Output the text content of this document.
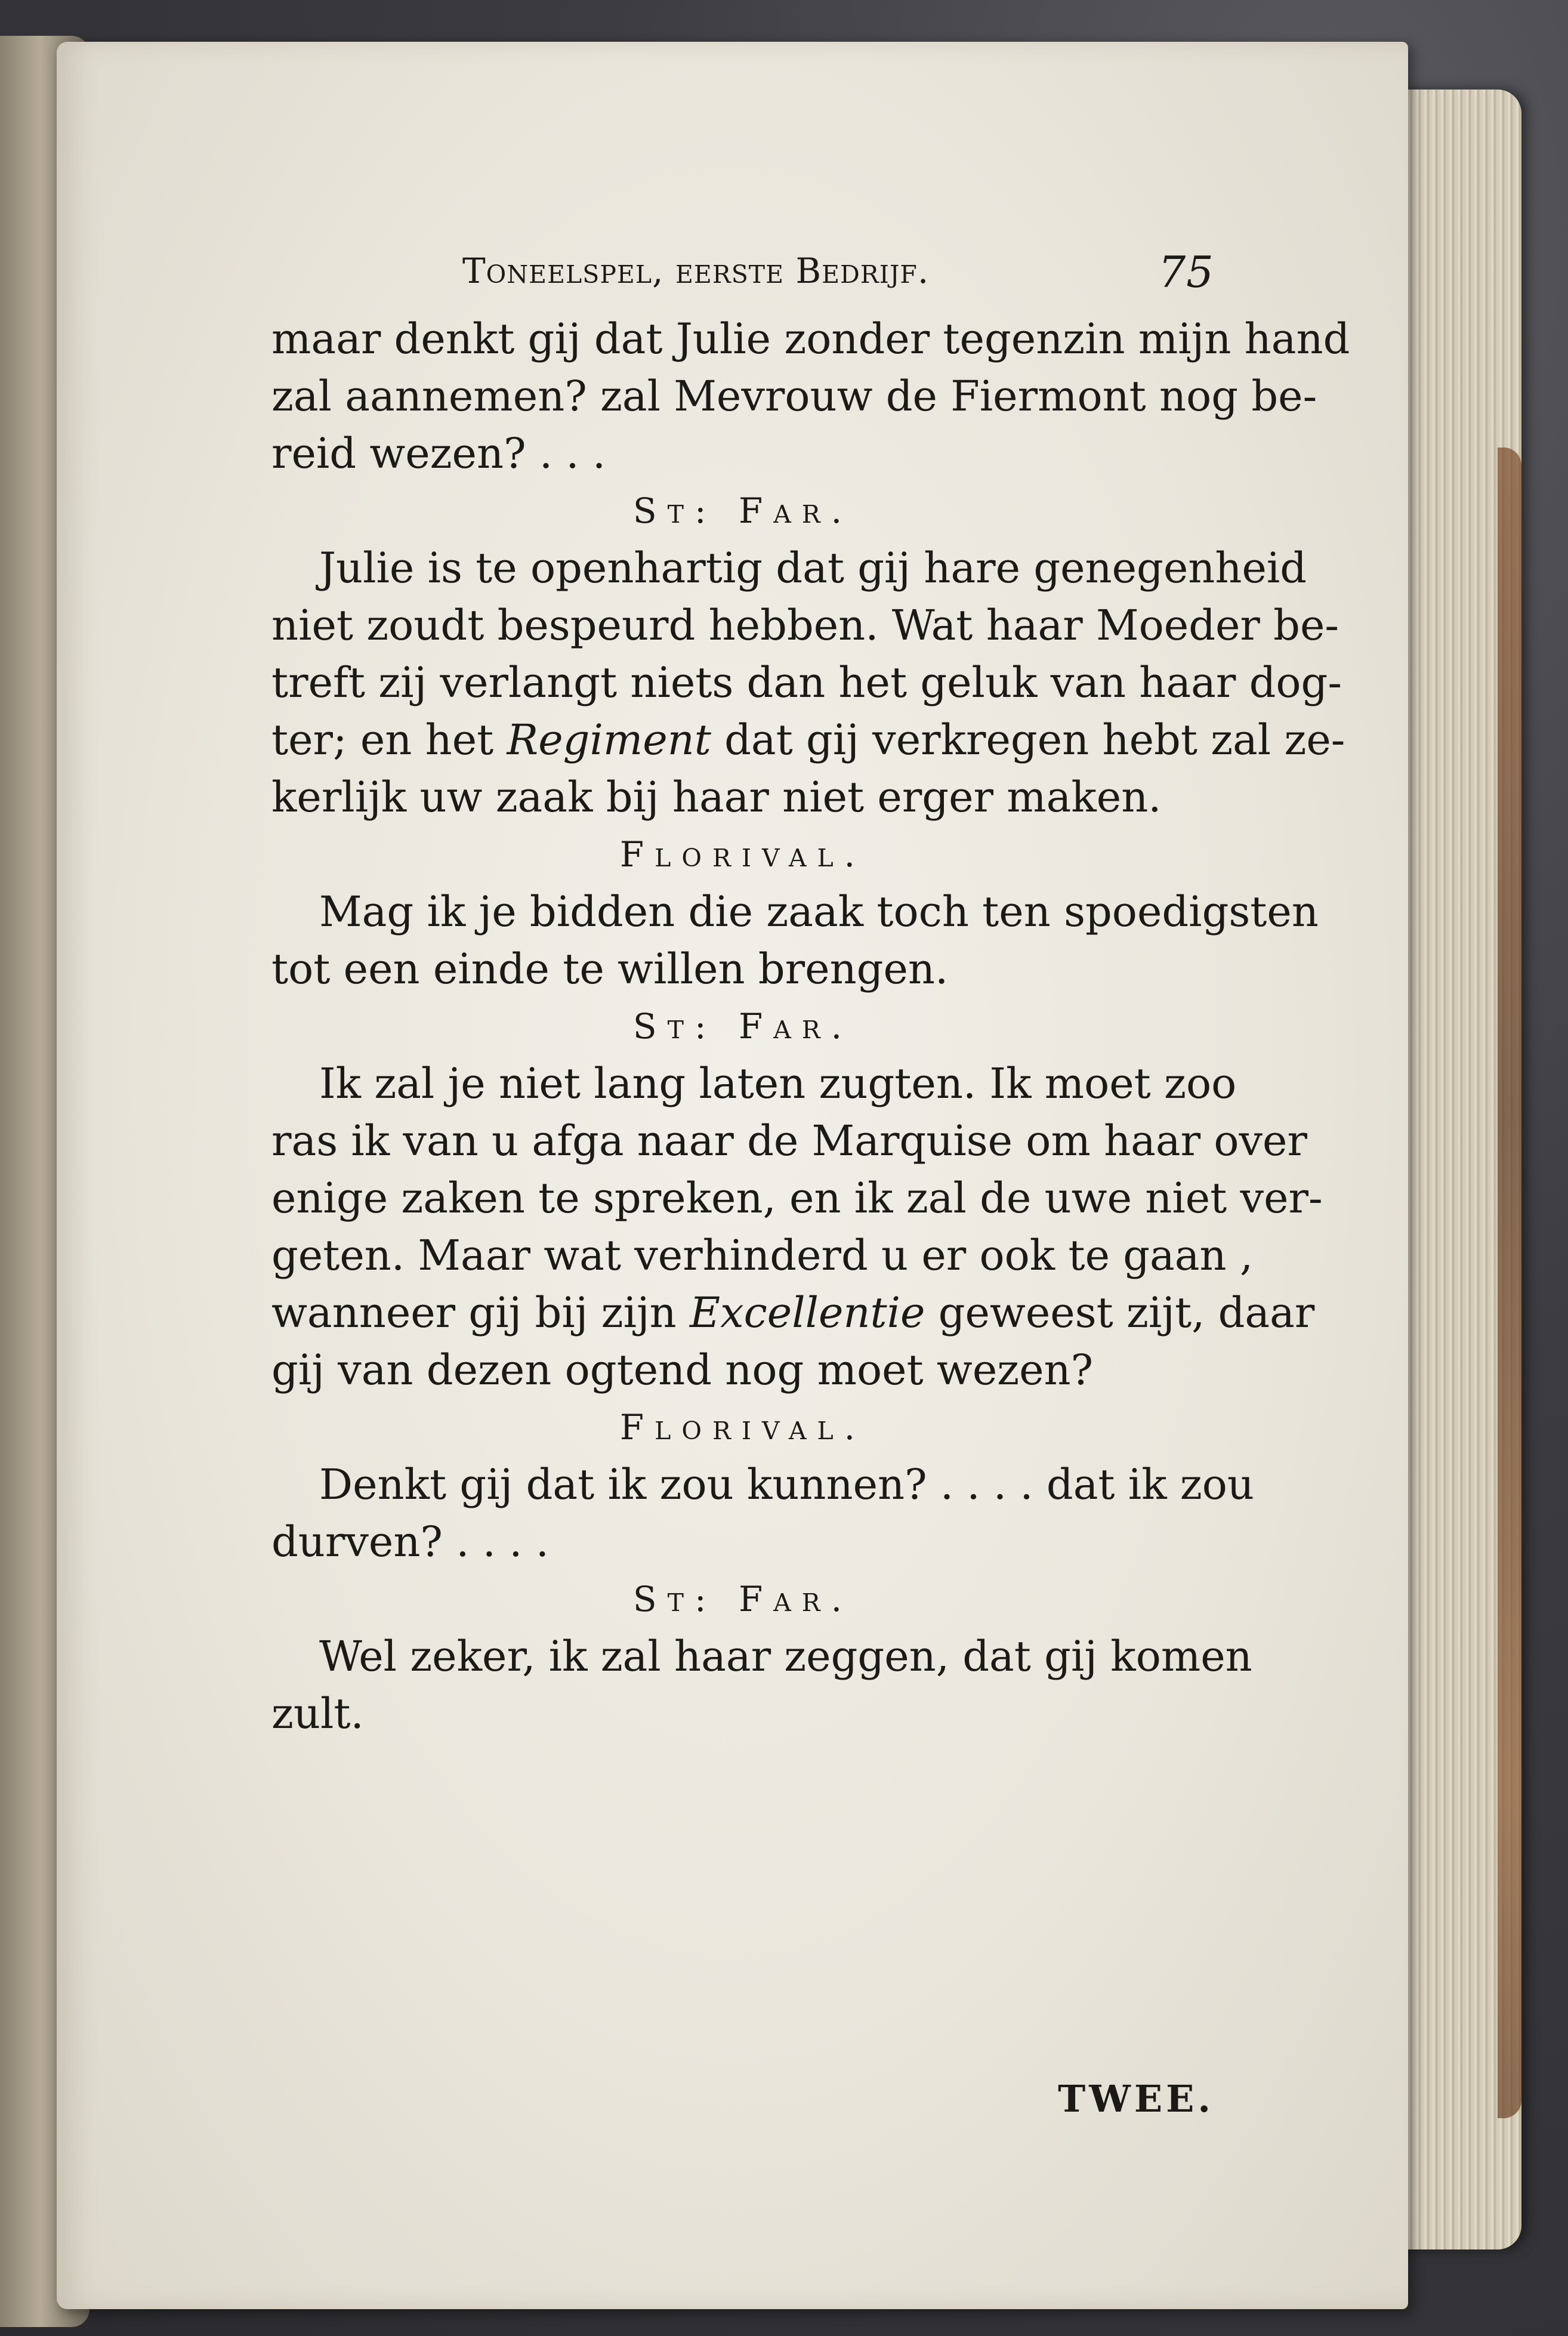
Toneelspel, eerste Bedrijf.	75
maar denkt gij dat Julie zonder tegenzin mijn hand
zal aannemen? zal Mevrouw de Fiermont nog be-
reid wezen? . . .
St: Far.
Julie is te openhartig dat gij hare genegenheid
niet zoudt bespeurd hebben. Wat haar Moeder be-
treft zij verlangt niets dan het geluk van haar dog-
ter; en het Regiment dat gij verkregen hebt zal ze-
kerlijk uw zaak bij haar niet erger maken.
Florival.
Mag ik je bidden die zaak toch ten spoedigsten
tot een einde te willen brengen.
St: Far.
Ik zal je niet lang laten zugten. Ik moet zoo
ras ik van u afga naar de Marquise om haar over
enige zaken te spreken, en ik zal de uwe niet ver-
geten. Maar wat verhinderd u er ook te gaan ,
wanneer gij bij zijn Excellentie geweest zijt, daar
gij van dezen ogtend nog moet wezen?
Florival.
Denkt gij dat ik zou kunnen? . . . . dat ik zou
durven? . . . .
St: Far.
Wel zeker, ik zal haar zeggen, dat gij komen
zult.
TWEE.
